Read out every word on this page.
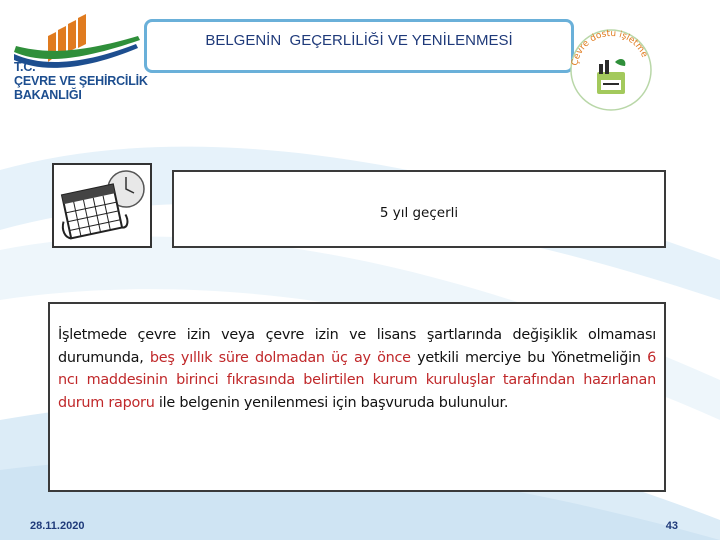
T.C.
ÇEVRE VE ŞEHİRCİLİK
BAKANLIĞI
BELGENİN  GEÇERLİLİĞİ VE YENİLENMESİ
Çevre dostu işletme
5 yıl geçerli
İşletmede çevre izin veya çevre izin ve lisans şartlarında değişiklik olmaması durumunda, beş yıllık süre dolmadan üç ay önce yetkili merciye bu Yönetmeliğin 6 ncı maddesinin birinci fıkrasında belirtilen kurum kuruluşlar tarafından hazırlanan durum raporu ile belgenin yenilenmesi için başvuruda bulunulur.
28.11.2020	43
